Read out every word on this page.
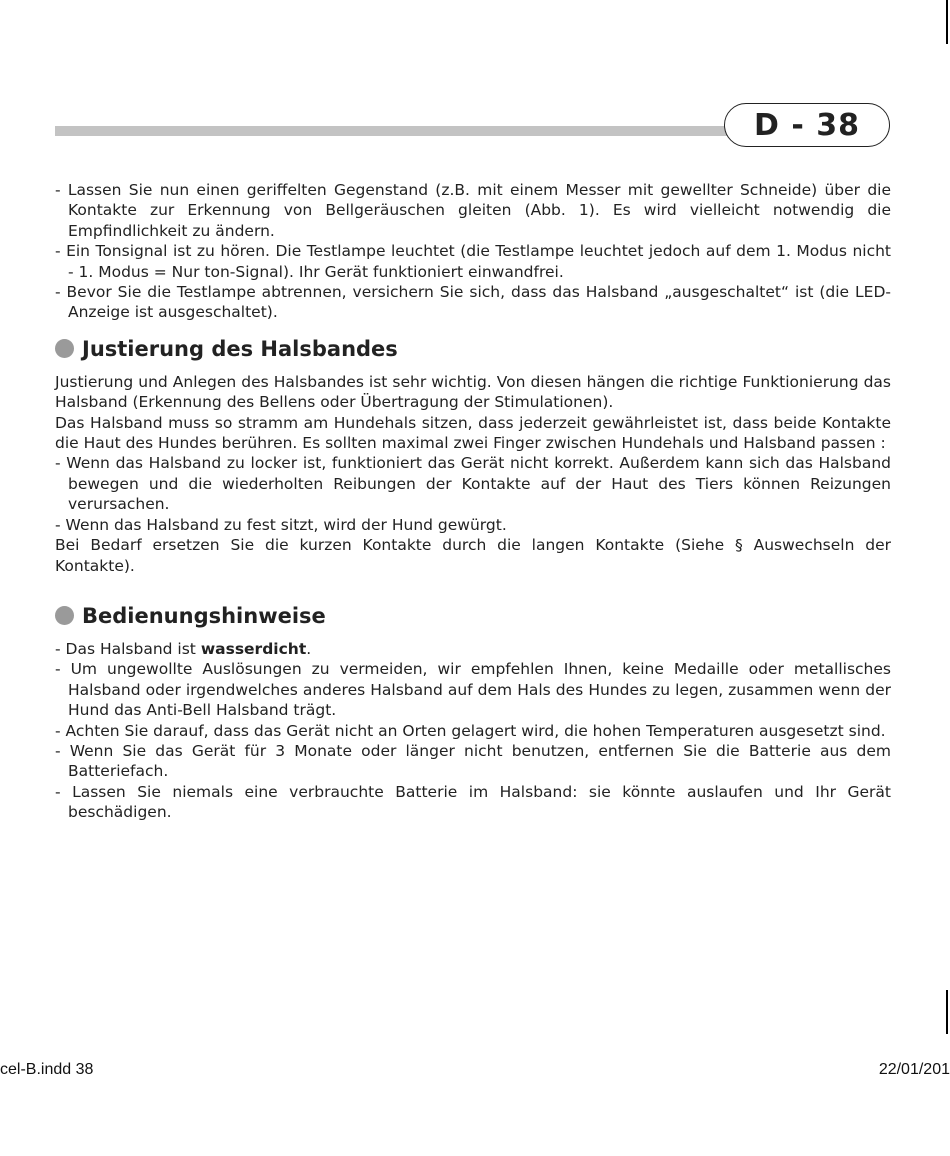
D - 38

- Lassen Sie nun einen geriffelten Gegenstand (z.B. mit einem Messer mit gewellter Schneide) über die Kontakte zur Erkennung von Bellgeräuschen gleiten (Abb. 1). Es wird vielleicht notwendig die Empfindlichkeit zu ändern.

- Ein Tonsignal ist zu hören. Die Testlampe leuchtet (die Testlampe leuchtet jedoch auf dem 1. Modus nicht - 1. Modus = Nur ton-Signal). Ihr Gerät funktioniert einwandfrei.

- Bevor Sie die Testlampe abtrennen, versichern Sie sich, dass das Halsband „ausgeschaltet“ ist (die LED-Anzeige ist ausgeschaltet).

Justierung des Halsbandes

Justierung und Anlegen des Halsbandes ist sehr wichtig. Von diesen hängen die richtige Funktionierung das Halsband (Erkennung des Bellens oder Übertragung der Stimulationen).

Das Halsband muss so stramm am Hundehals sitzen, dass jederzeit gewährleistet ist, dass beide Kontakte die Haut des Hundes berühren. Es sollten maximal zwei Finger zwischen Hundehals und Halsband passen :

- Wenn das Halsband zu locker ist, funktioniert das Gerät nicht korrekt. Außerdem kann sich das Halsband bewegen und die wiederholten Reibungen der Kontakte auf der Haut des Tiers können Reizungen verursachen.

- Wenn das Halsband zu fest sitzt, wird der Hund gewürgt.

Bei Bedarf ersetzen Sie die kurzen Kontakte durch die langen Kontakte (Siehe § Auswechseln der Kontakte).

Bedienungshinweise

- Das Halsband ist wasserdicht.

- Um ungewollte Auslösungen zu vermeiden, wir empfehlen Ihnen, keine Medaille oder metallisches Halsband oder irgendwelches anderes Halsband auf dem Hals des Hundes zu legen, zusammen wenn der Hund das Anti-Bell Halsband trägt.

- Achten Sie darauf, dass das Gerät nicht an Orten gelagert wird, die hohen Temperaturen ausgesetzt sind.

- Wenn Sie das Gerät für 3 Monate oder länger nicht benutzen, entfernen Sie die Batterie aus dem Batteriefach.

- Lassen Sie niemals eine verbrauchte Batterie im Halsband: sie könnte auslaufen und Ihr Gerät beschädigen.

cel-B.indd 38	22/01/201
